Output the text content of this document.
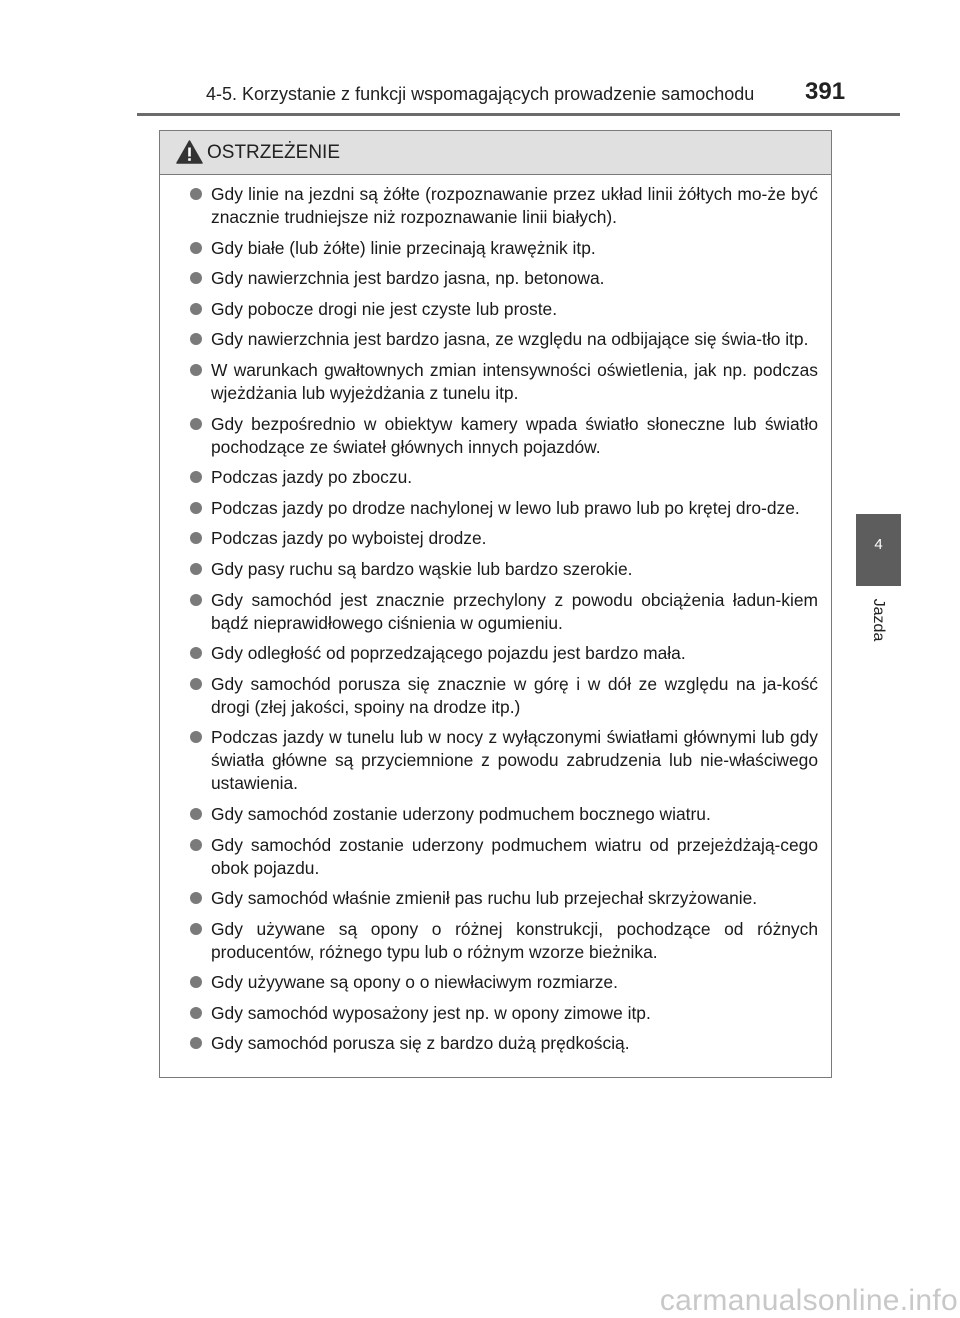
4-5. Korzystanie z funkcji wspomagających prowadzenie samochodu 391
4
Jazda
OSTRZEŻENIE
Gdy linie na jezdni są żółte (rozpoznawanie przez układ linii żółtych mo-że być znacznie trudniejsze niż rozpoznawanie linii białych).
Gdy białe (lub żółte) linie przecinają krawężnik itp.
Gdy nawierzchnia jest bardzo jasna, np. betonowa.
Gdy pobocze drogi nie jest czyste lub proste.
Gdy nawierzchnia jest bardzo jasna, ze względu na odbijające się świa-tło itp.
W warunkach gwałtownych zmian intensywności oświetlenia, jak np. podczas wjeżdżania lub wyjeżdżania z tunelu itp.
Gdy bezpośrednio w obiektyw kamery wpada światło słoneczne lub światło pochodzące ze świateł głównych innych pojazdów.
Podczas jazdy po zboczu.
Podczas jazdy po drodze nachylonej w lewo lub prawo lub po krętej dro-dze.
Podczas jazdy po wyboistej drodze.
Gdy pasy ruchu są bardzo wąskie lub bardzo szerokie.
Gdy samochód jest znacznie przechylony z powodu obciążenia ładun-kiem bądź nieprawidłowego ciśnienia w ogumieniu.
Gdy odległość od poprzedzającego pojazdu jest bardzo mała.
Gdy samochód porusza się znacznie w górę i w dół ze względu na ja-kość drogi (złej jakości, spoiny na drodze itp.)
Podczas jazdy w tunelu lub w nocy z wyłączonymi światłami głównymi lub gdy światła główne są przyciemnione z powodu zabrudzenia lub nie-właściwego ustawienia.
Gdy samochód zostanie uderzony podmuchem bocznego wiatru.
Gdy samochód zostanie uderzony podmuchem wiatru od przejeżdżają-cego obok pojazdu.
Gdy samochód właśnie zmienił pas ruchu lub przejechał skrzyżowanie.
Gdy używane są opony o różnej konstrukcji, pochodzące od różnych producentów, różnego typu lub o różnym wzorze bieżnika.
Gdy użyywane są opony o o niewłaciwym rozmiarze.
Gdy samochód wyposażony jest np. w opony zimowe itp.
Gdy samochód porusza się z bardzo dużą prędkością.
carmanualsonline.info
